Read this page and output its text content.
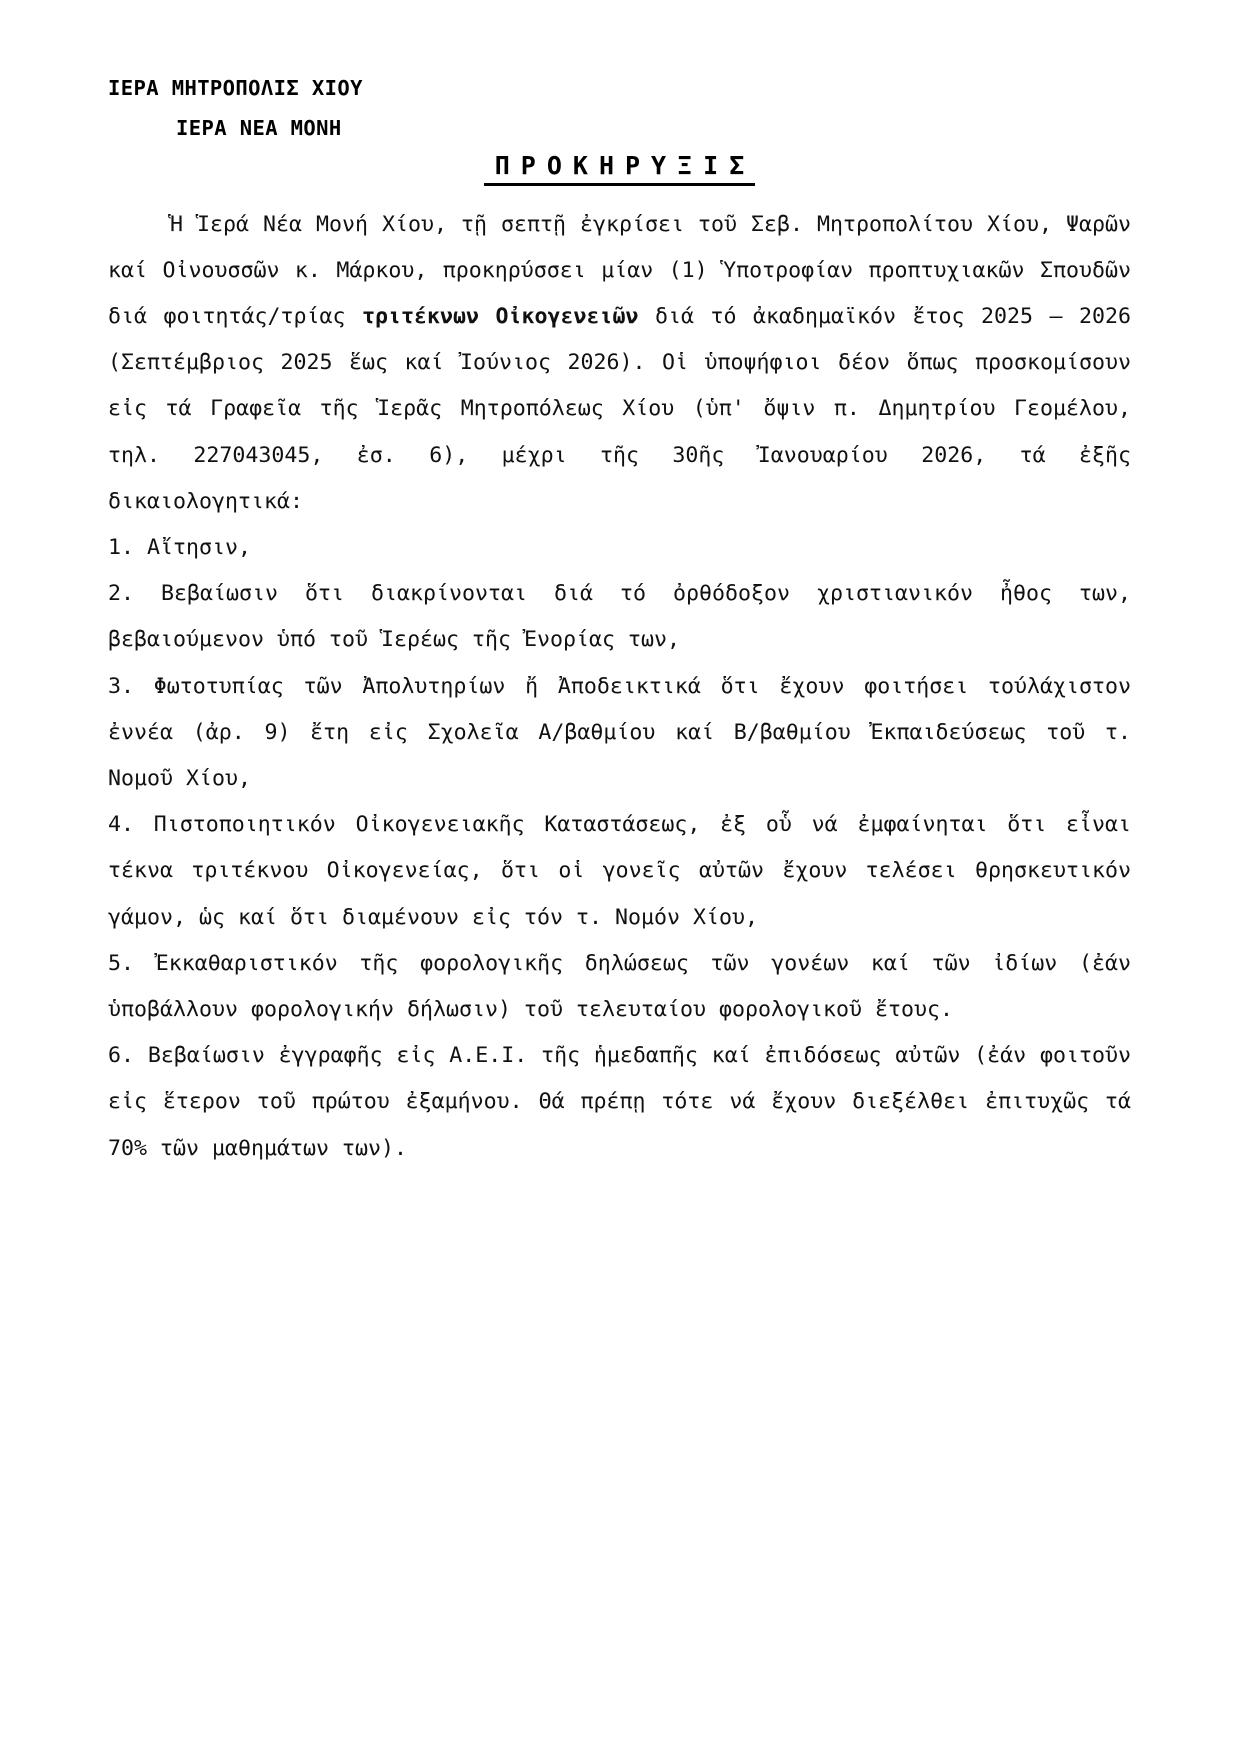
ΙΕΡΑ ΜΗΤΡΟΠΟΛΙΣ ΧΙΟΥ
ΙΕΡΑ ΝΕΑ ΜΟΝΗ
ΠΡΟΚΗΡΥΞΙΣ

Ἡ Ἱερά Νέα Μονή Χίου, τῇ σεπτῇ ἐγκρίσει τοῦ Σεβ. Μητροπολίτου Χίου, Ψαρῶν καί Οἰνουσσῶν κ. Μάρκου, προκηρύσσει μίαν (1) Ὑποτροφίαν προπτυχιακῶν Σπουδῶν διά φοιτητάς/τρίας τριτέκνων Οἰκογενειῶν διά τό ἀκαδημαϊκόν ἔτος 2025 – 2026 (Σεπτέμβριος 2025 ἕως καί Ἰούνιος 2026). Οἱ ὑποψήφιοι δέον ὅπως προσκομίσουν εἰς τά Γραφεῖα τῆς Ἱερᾶς Μητροπόλεως Χίου (ὑπ' ὄψιν π. Δημητρίου Γεομέλου, τηλ. 227043045, ἐσ. 6), μέχρι τῆς 30ῆς Ἰανουαρίου 2026, τά ἐξῆς δικαιολογητικά:

1. Αἴτησιν,

2. Βεβαίωσιν ὅτι διακρίνονται διά τό ὀρθόδοξον χριστιανικόν ἦθος των, βεβαιούμενον ὑπό τοῦ Ἱερέως τῆς Ἐνορίας των,

3. Φωτοτυπίας τῶν Ἀπολυτηρίων ἤ Ἀποδεικτικά ὅτι ἔχουν φοιτήσει τούλάχιστον ἐννέα (ἀρ. 9) ἔτη εἰς Σχολεῖα Α/βαθμίου καί Β/βαθμίου Ἐκπαιδεύσεως τοῦ τ. Νομοῦ Χίου,

4. Πιστοποιητικόν Οἰκογενειακῆς Καταστάσεως, ἐξ οὗ νά ἐμφαίνηται ὅτι εἶναι τέκνα τριτέκνου Οἰκογενείας, ὅτι οἱ γονεῖς αὐτῶν ἔχουν τελέσει θρησκευτικόν γάμον, ὡς καί ὅτι διαμένουν εἰς τόν τ. Νομόν Χίου,

5. Ἐκκαθαριστικόν τῆς φορολογικῆς δηλώσεως τῶν γονέων καί τῶν ἰδίων (ἐάν ὑποβάλλουν φορολογικήν δήλωσιν) τοῦ τελευταίου φορολογικοῦ ἔτους.

6. Βεβαίωσιν ἐγγραφῆς εἰς Α.Ε.Ι. τῆς ἡμεδαπῆς καί ἐπιδόσεως αὐτῶν (ἐάν φοιτοῦν εἰς ἕτερον τοῦ πρώτου ἐξαμήνου. Θά πρέπῃ τότε νά ἔχουν διεξέλθει ἐπιτυχῶς τά 70% τῶν μαθημάτων των).
